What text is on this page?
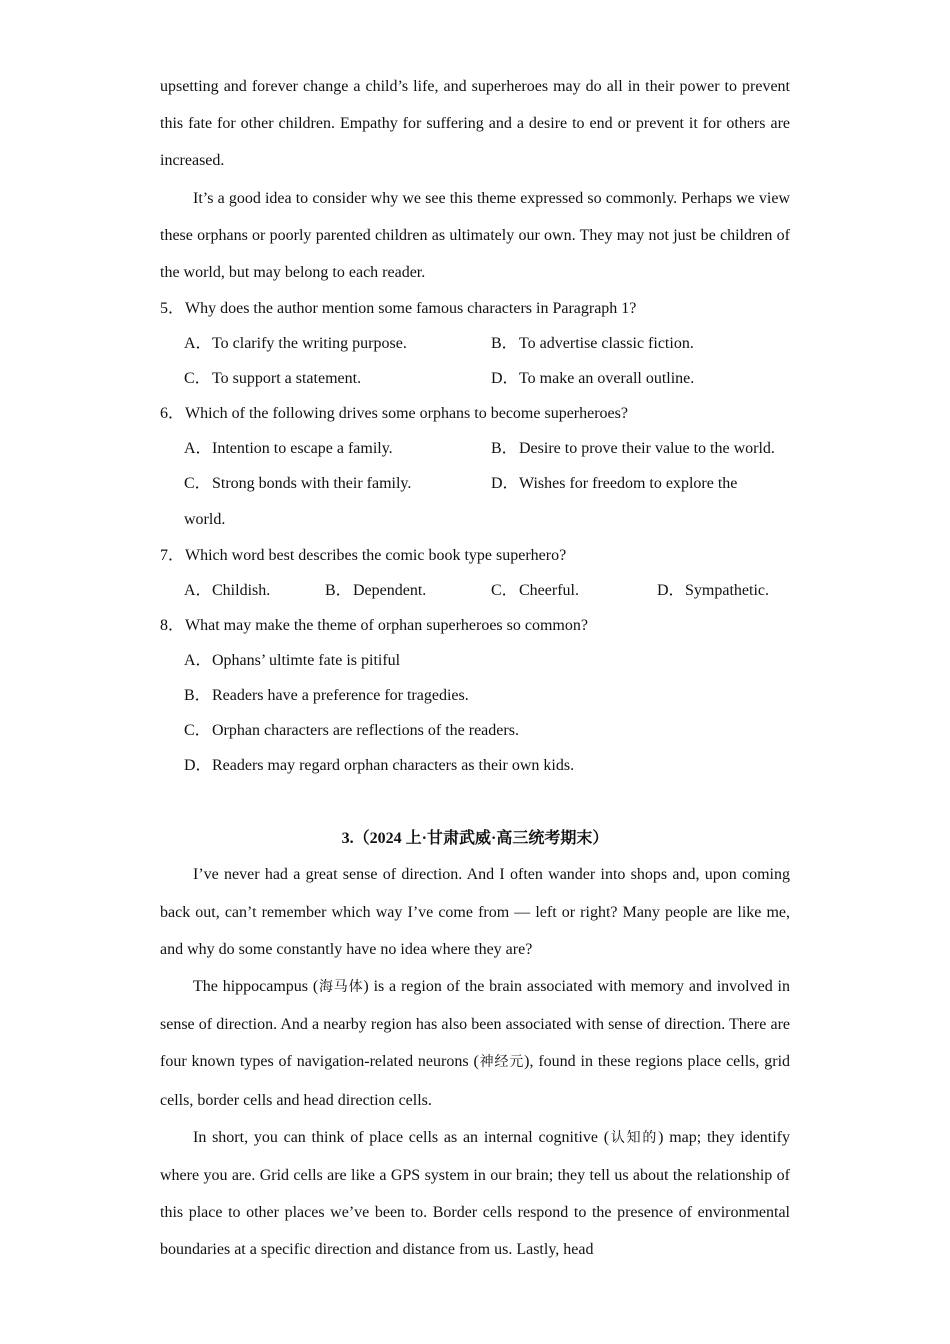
upsetting and forever change a child’s life, and superheroes may do all in their power to prevent this fate for other children. Empathy for suffering and a desire to end or prevent it for others are increased.

It’s a good idea to consider why we see this theme expressed so commonly. Perhaps we view these orphans or poorly parented children as ultimately our own. They may not just be children of the world, but may belong to each reader.

5．Why does the author mention some famous characters in Paragraph 1?

A．To clarify the writing purpose.	B．To advertise classic fiction.
C．To support a statement.	D．To make an overall outline.

6．Which of the following drives some orphans to become superheroes?

A．Intention to escape a family.	B．Desire to prove their value to the world.
C．Strong bonds with their family.	D．Wishes for freedom to explore the
world.

7．Which word best describes the comic book type superhero?

A．Childish.	B．Dependent.	C．Cheerful.	D．Sympathetic.

8．What may make the theme of orphan superheroes so common?

A．Ophans’ ultimte fate is pitiful
B．Readers have a preference for tragedies.
C．Orphan characters are reflections of the readers.
D．Readers may regard orphan characters as their own kids.
3.（2024 上·甘肃武威·高三统考期末）

I’ve never had a great sense of direction. And I often wander into shops and, upon coming back out, can’t remember which way I’ve come from — left or right? Many people are like me, and why do some constantly have no idea where they are?

The hippocampus (海马体) is a region of the brain associated with memory and involved in sense of direction. And a nearby region has also been associated with sense of direction. There are four known types of navigation-related neurons (神经元), found in these regions place cells, grid cells, border cells and head direction cells.

In short, you can think of place cells as an internal cognitive (认知的) map; they identify where you are. Grid cells are like a GPS system in our brain; they tell us about the relationship of this place to other places we’ve been to. Border cells respond to the presence of environmental boundaries at a specific direction and distance from us. Lastly, head
